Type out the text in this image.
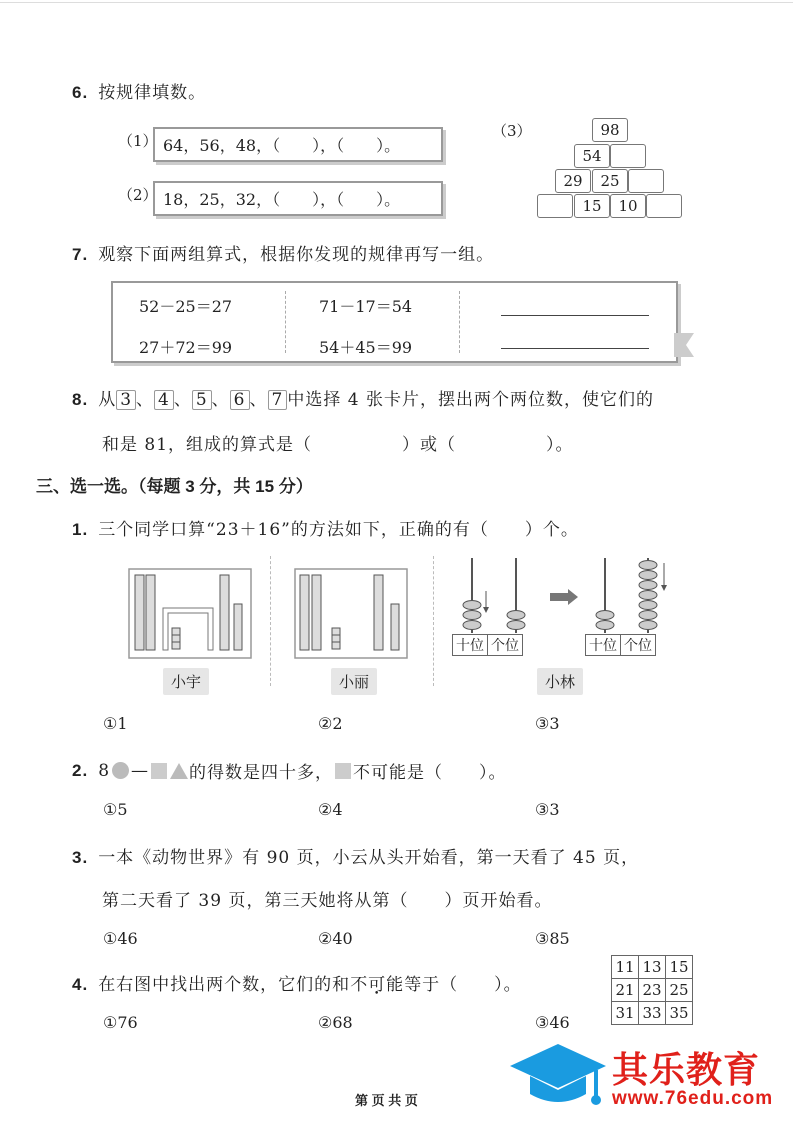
6. 按规律填数。
（1） 64，56，48，（　　），（　　）。
（2） 18，25，32，（　　），（　　）。
（3）	98
54
29	25
15	10
7. 观察下面两组算式，根据你发现的规律再写一组。
52－25＝27
27＋72＝99
71－17＝54
54＋45＝99
8. 从 3 、 4 、 5 、 6 、 7 中选择 4 张卡片，摆出两个两位数，使它们的
和是 81，组成的算式是（　　　　　）或（　　　　　）。
三、选一选。（每题 3 分，共 15 分）
1. 三个同学口算“23＋16”的方法如下，正确的有（　　）个。
小宇	小丽
十位 个位	十位 个位
小林
①1	②2	③3
2. 8 — 的得数是四十多， 不可能 • 是（　　）。
①5	②4	③3
3. 一本《动物世界》有 90 页，小云从头开始看，第一天看了 45 页，
第二天看了 39 页，第三天她将从第（　　）页开始看。
①46	②40	③85
4. 在右图中找出两个数，它们的和不可能等于（　　）。
11	13	15
21	23	25
31	33	35
①76	②68	③46
第 页 共 页
其乐教育
www.76edu.com
